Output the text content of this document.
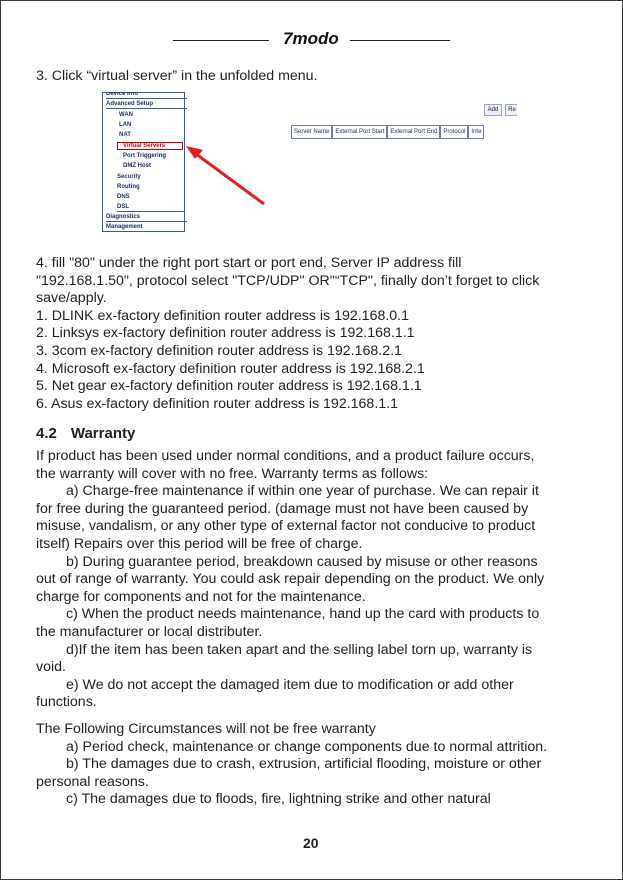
7modo
3. Click “virtual server” in the unfolded menu.
Device Info
Advanced Setup
WAN
LAN
NAT
Virtual Servers
Port Triggering
DMZ Host
Security
Routing
DNS
DSL
Diagnostics
Management
Add	Re
Server Name	External Port Start	External Port End	Protocol	Inte
4. fill "80" under the right port start or port end, Server IP address fill
"192.168.1.50", protocol select "TCP/UDP" OR"“TCP", finally don’t forget to click
save/apply.
1. DLINK ex-factory definition router address is 192.168.0.1
2. Linksys ex-factory definition router address is 192.168.1.1
3. 3com ex-factory definition router address is 192.168.2.1
4. Microsoft ex-factory definition router address is 192.168.2.1
5. Net gear ex-factory definition router address is 192.168.1.1
6. Asus ex-factory definition router address is 192.168.1.1
4.2 Warranty
If product has been used under normal conditions, and a product failure occurs,
the warranty will cover with no free. Warranty terms as follows:
a) Charge-free maintenance if within one year of purchase. We can repair it
for free during the guaranteed period. (damage must not have been caused by
misuse, vandalism, or any other type of external factor not conducive to product
itself) Repairs over this period will be free of charge.
b) During guarantee period, breakdown caused by misuse or other reasons
out of range of warranty. You could ask repair depending on the product. We only
charge for components and not for the maintenance.
c) When the product needs maintenance, hand up the card with products to
the manufacturer or local distributer.
d)If the item has been taken apart and the selling label torn up, warranty is
void.
e) We do not accept the damaged item due to modification or add other
functions.
The Following Circumstances will not be free warranty
a) Period check, maintenance or change components due to normal attrition.
b) The damages due to crash, extrusion, artificial flooding, moisture or other
personal reasons.
c) The damages due to floods, fire, lightning strike and other natural
20
